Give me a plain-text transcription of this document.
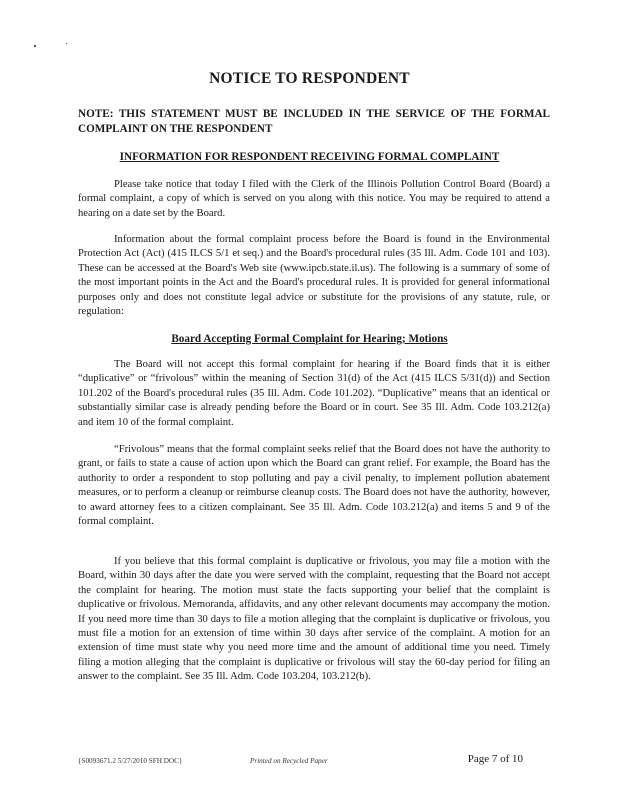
NOTICE TO RESPONDENT
NOTE: THIS STATEMENT MUST BE INCLUDED IN THE SERVICE OF THE FORMAL COMPLAINT ON THE RESPONDENT
INFORMATION FOR RESPONDENT RECEIVING FORMAL COMPLAINT

Please take notice that today I filed with the Clerk of the Illinois Pollution Control Board (Board) a formal complaint, a copy of which is served on you along with this notice. You may be required to attend a hearing on a date set by the Board.

Information about the formal complaint process before the Board is found in the Environmental Protection Act (Act) (415 ILCS 5/1 et seq.) and the Board's procedural rules (35 Ill. Adm. Code 101 and 103). These can be accessed at the Board's Web site (www.ipcb.state.il.us). The following is a summary of some of the most important points in the Act and the Board's procedural rules. It is provided for general informational purposes only and does not constitute legal advice or substitute for the provisions of any statute, rule, or regulation:

Board Accepting Formal Complaint for Hearing; Motions

The Board will not accept this formal complaint for hearing if the Board finds that it is either “duplicative” or “frivolous” within the meaning of Section 31(d) of the Act (415 ILCS 5/31(d)) and Section 101.202 of the Board's procedural rules (35 Ill. Adm. Code 101.202). “Duplicative” means that an identical or substantially similar case is already pending before the Board or in court. See 35 Ill. Adm. Code 103.212(a) and item 10 of the formal complaint.

“Frivolous” means that the formal complaint seeks relief that the Board does not have the authority to grant, or fails to state a cause of action upon which the Board can grant relief. For example, the Board has the authority to order a respondent to stop polluting and pay a civil penalty, to implement pollution abatement measures, or to perform a cleanup or reimburse cleanup costs. The Board does not have the authority, however, to award attorney fees to a citizen complainant. See 35 Ill. Adm. Code 103.212(a) and items 5 and 9 of the formal complaint.

If you believe that this formal complaint is duplicative or frivolous, you may file a motion with the Board, within 30 days after the date you were served with the complaint, requesting that the Board not accept the complaint for hearing. The motion must state the facts supporting your belief that the complaint is duplicative or frivolous. Memoranda, affidavits, and any other relevant documents may accompany the motion. If you need more time than 30 days to file a motion alleging that the complaint is duplicative or frivolous, you must file a motion for an extension of time within 30 days after service of the complaint. A motion for an extension of time must state why you need more time and the amount of additional time you need. Timely filing a motion alleging that the complaint is duplicative or frivolous will stay the 60-day period for filing an answer to the complaint. See 35 Ill. Adm. Code 103.204, 103.212(b).

{S0093671.2 5/27/2010 SFH DOC}	Printed on Recycled Paper	Page 7 of 10
